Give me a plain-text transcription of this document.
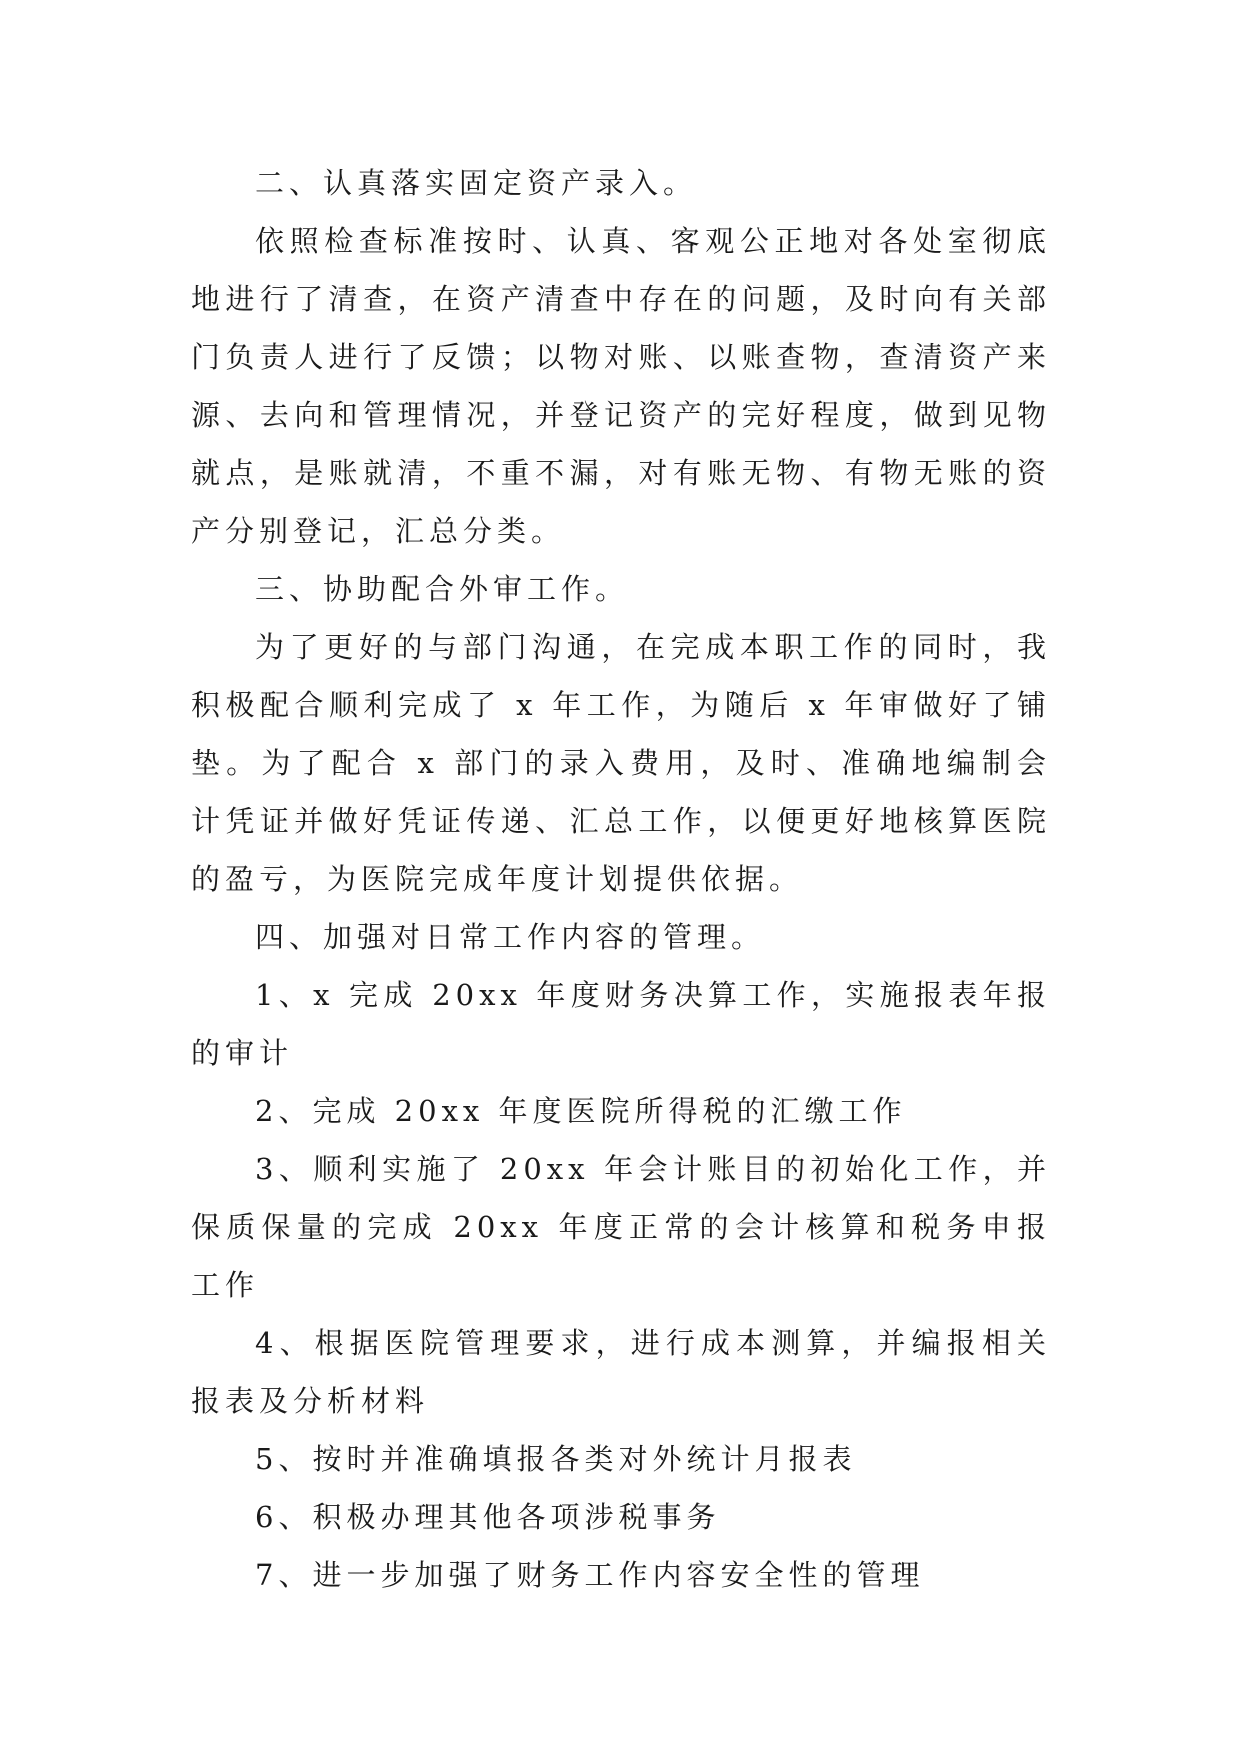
二、认真落实固定资产录入。

依照检查标准按时、认真、客观公正地对各处室彻底地进行了清查，在资产清查中存在的问题，及时向有关部门负责人进行了反馈；以物对账、以账查物，查清资产来源、去向和管理情况，并登记资产的完好程度，做到见物就点，是账就清，不重不漏，对有账无物、有物无账的资产分别登记，汇总分类。

三、协助配合外审工作。

为了更好的与部门沟通，在完成本职工作的同时，我积极配合顺利完成了 x 年工作，为随后 x 年审做好了铺垫。为了配合 x 部门的录入费用，及时、准确地编制会计凭证并做好凭证传递、汇总工作，以便更好地核算医院的盈亏，为医院完成年度计划提供依据。

四、加强对日常工作内容的管理。

1、x 完成 20xx 年度财务决算工作，实施报表年报的审计

2、完成 20xx 年度医院所得税的汇缴工作

3、顺利实施了 20xx 年会计账目的初始化工作，并保质保量的完成 20xx 年度正常的会计核算和税务申报工作

4、根据医院管理要求，进行成本测算，并编报相关报表及分析材料

5、按时并准确填报各类对外统计月报表

6、积极办理其他各项涉税事务

7、进一步加强了财务工作内容安全性的管理
